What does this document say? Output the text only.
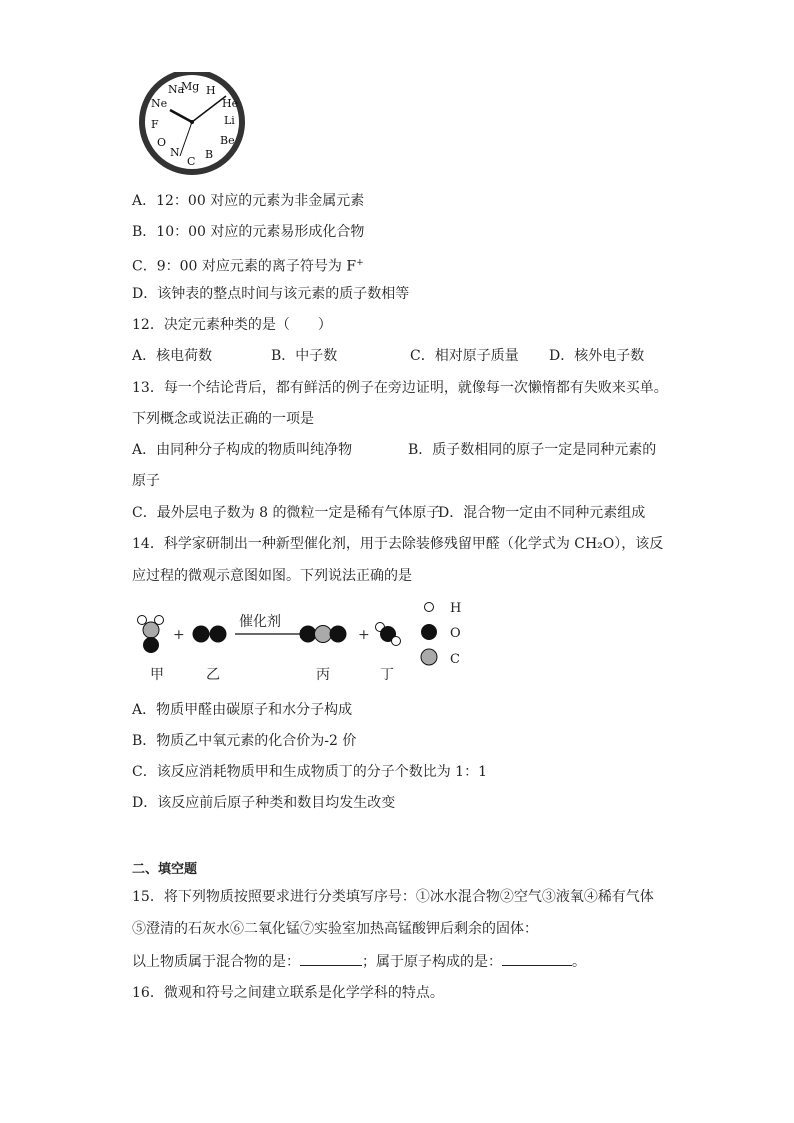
Na
Mg H
He
Li
Be
B
C
N
O
F
Ne
A．12：00 对应的元素为非金属元素
B．10：00 对应的元素易形成化合物
C．9：00 对应元素的离子符号为 F+
D．该钟表的整点时间与该元素的质子数相等
12．决定元素种类的是（　　）
A．核电荷数	B．中子数	C．相对原子质量 D．核外电子数
13．每一个结论背后，都有鲜活的例子在旁边证明，就像每一次懒惰都有失败来买单。
下列概念或说法正确的一项是
A．由同种分子构成的物质叫纯净物	B．质子数相同的原子一定是同种元素的
原子
C．最外层电子数为 8 的微粒一定是稀有气体原子
D．混合物一定由不同种元素组成
14．科学家研制出一种新型催化剂，用于去除装修残留甲醛（化学式为 CH₂O），该反
应过程的微观示意图如图。下列说法正确的是
+
催化剂
+
H
O
C
甲	乙	丙	丁
A．物质甲醛由碳原子和水分子构成
B．物质乙中氧元素的化合价为-2 价
C．该反应消耗物质甲和生成物质丁的分子个数比为 1：1
D．该反应前后原子种类和数目均发生改变
二、填空题
15．将下列物质按照要求进行分类填写序号：①冰水混合物②空气③液氧④稀有气体
⑤澄清的石灰水⑥二氧化锰⑦实验室加热高锰酸钾后剩余的固体：
以上物质属于混合物的是：	；属于原子构成的是：	。
16．微观和符号之间建立联系是化学学科的特点。
